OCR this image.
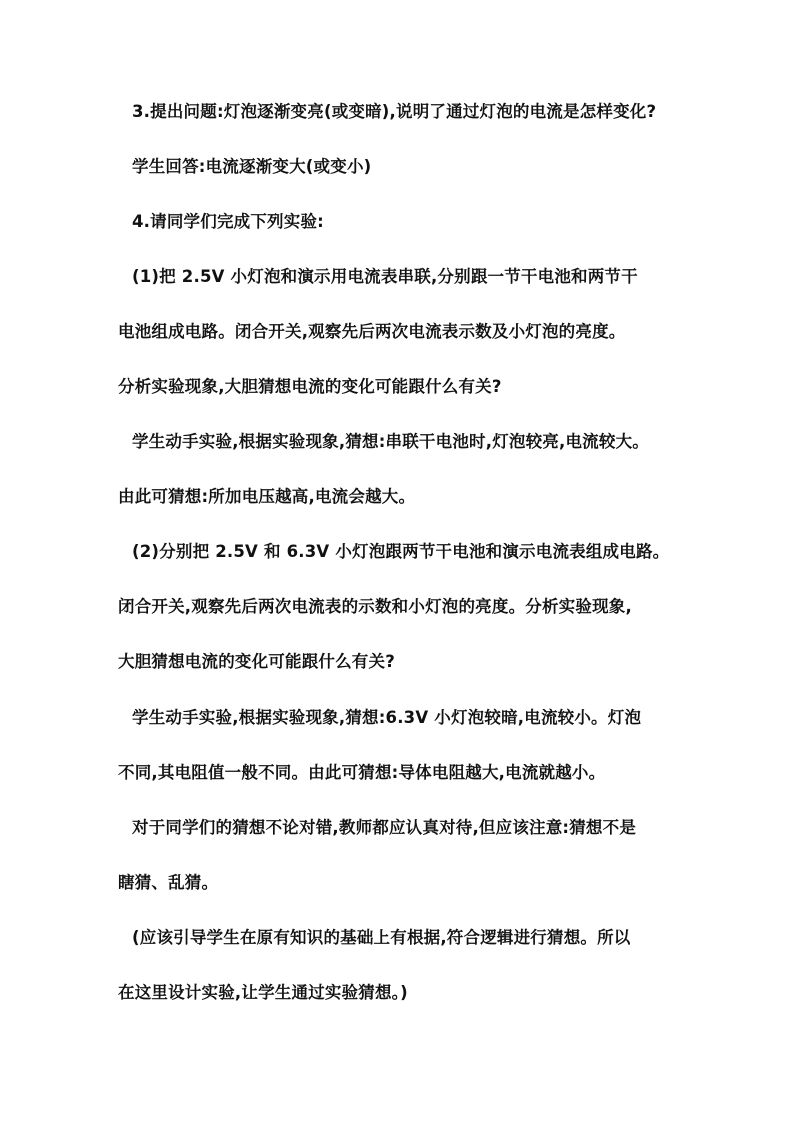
3.提出问题:灯泡逐渐变亮(或变暗),说明了通过灯泡的电流是怎样变化?
学生回答:电流逐渐变大(或变小)
4.请同学们完成下列实验:
(1)把 2.5V 小灯泡和演示用电流表串联,分别跟一节干电池和两节干
电池组成电路。闭合开关,观察先后两次电流表示数及小灯泡的亮度。
分析实验现象,大胆猜想电流的变化可能跟什么有关?
学生动手实验,根据实验现象,猜想:串联干电池时,灯泡较亮,电流较大。
由此可猜想:所加电压越高,电流会越大。
(2)分别把 2.5V 和 6.3V 小灯泡跟两节干电池和演示电流表组成电路。
闭合开关,观察先后两次电流表的示数和小灯泡的亮度。分析实验现象,
大胆猜想电流的变化可能跟什么有关?
学生动手实验,根据实验现象,猜想:6.3V 小灯泡较暗,电流较小。灯泡
不同,其电阻值一般不同。由此可猜想:导体电阻越大,电流就越小。
对于同学们的猜想不论对错,教师都应认真对待,但应该注意:猜想不是
瞎猜、乱猜。
(应该引导学生在原有知识的基础上有根据,符合逻辑进行猜想。所以
在这里设计实验,让学生通过实验猜想。)
